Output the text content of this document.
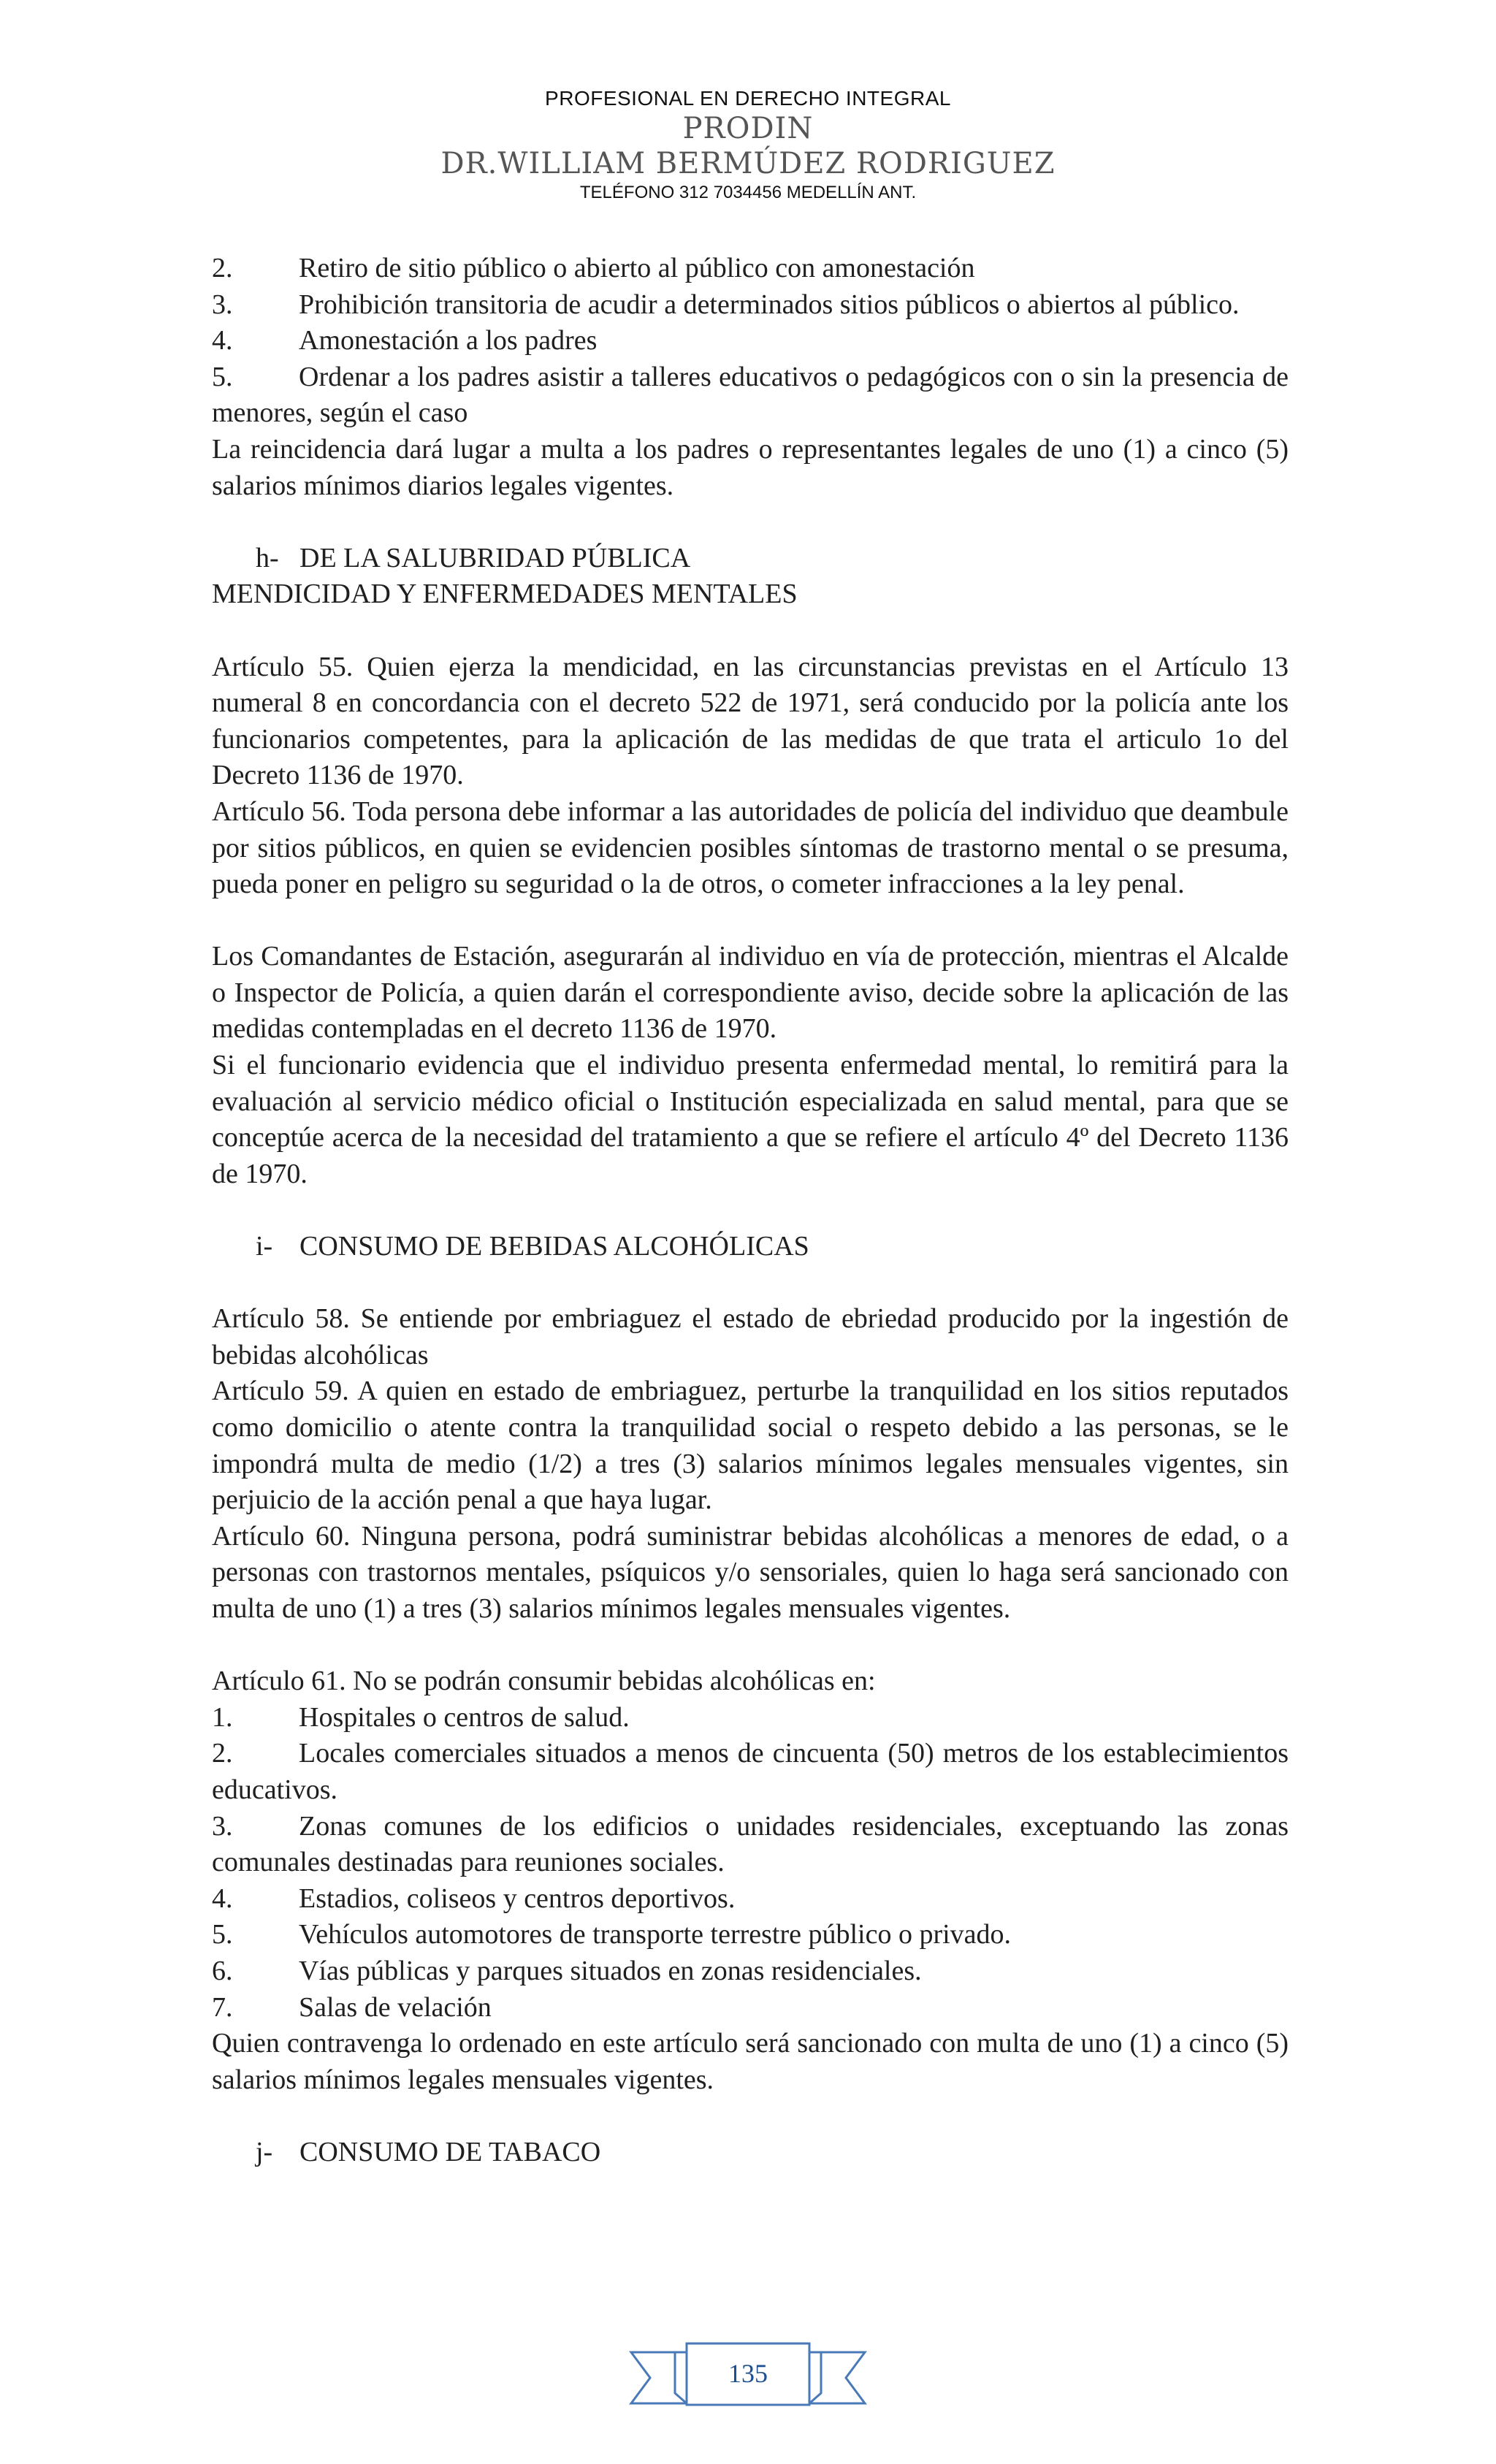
PROFESIONAL EN DERECHO INTEGRAL
PRODIN
DR.WILLIAM BERMÚDEZ RODRIGUEZ
TELÉFONO 312 7034456 MEDELLÍN ANT.

2.	Retiro de sitio público o abierto al público con amonestación

3. Prohibición transitoria de acudir a determinados sitios públicos o abiertos al público.

4.	Amonestación a los padres

5. Ordenar a los padres asistir a talleres educativos o pedagógicos con o sin la presencia de menores, según el caso

La reincidencia dará lugar a multa a los padres o representantes legales de uno (1) a cinco (5) salarios mínimos diarios legales vigentes.

h- DE LA SALUBRIDAD PÚBLICA

MENDICIDAD Y ENFERMEDADES MENTALES

Artículo 55. Quien ejerza la mendicidad, en las circunstancias previstas en el Artículo 13 numeral 8 en concordancia con el decreto 522 de 1971, será conducido por la policía ante los funcionarios competentes, para la aplicación de las medidas de que trata el articulo 1o del Decreto 1136 de 1970.

Artículo 56. Toda persona debe informar a las autoridades de policía del individuo que deambule por sitios públicos, en quien se evidencien posibles síntomas de trastorno mental o se presuma, pueda poner en peligro su seguridad o la de otros, o cometer infracciones a la ley penal.

Los Comandantes de Estación, asegurarán al individuo en vía de protección, mientras el Alcalde o Inspector de Policía, a quien darán el correspondiente aviso, decide sobre la aplicación de las medidas contempladas en el decreto 1136 de 1970.

Si el funcionario evidencia que el individuo presenta enfermedad mental, lo remitirá para la evaluación al servicio médico oficial o Institución especializada en salud mental, para que se conceptúe acerca de la necesidad del tratamiento a que se refiere el artículo 4º del Decreto 1136 de 1970.

i- CONSUMO DE BEBIDAS ALCOHÓLICAS

Artículo 58. Se entiende por embriaguez el estado de ebriedad producido por la ingestión de bebidas alcohólicas

Artículo 59. A quien en estado de embriaguez, perturbe la tranquilidad en los sitios reputados como domicilio o atente contra la tranquilidad social o respeto debido a las personas, se le impondrá multa de medio (1/2) a tres (3) salarios mínimos legales mensuales vigentes, sin perjuicio de la acción penal a que haya lugar.

Artículo 60. Ninguna persona, podrá suministrar bebidas alcohólicas a menores de edad, o a personas con trastornos mentales, psíquicos y/o sensoriales, quien lo haga será sancionado con multa de uno (1) a tres (3) salarios mínimos legales mensuales vigentes.

Artículo 61. No se podrán consumir bebidas alcohólicas en:

1.	Hospitales o centros de salud.

2. Locales comerciales situados a menos de cincuenta (50) metros de los establecimientos educativos.

3. Zonas comunes de los edificios o unidades residenciales, exceptuando las zonas comunales destinadas para reuniones sociales.

4.	Estadios, coliseos y centros deportivos.

5.	Vehículos automotores de transporte terrestre público o privado.

6.	Vías públicas y parques situados en zonas residenciales.

7.	Salas de velación

Quien contravenga lo ordenado en este artículo será sancionado con multa de uno (1) a cinco (5) salarios mínimos legales mensuales vigentes.

j- CONSUMO DE TABACO

135
